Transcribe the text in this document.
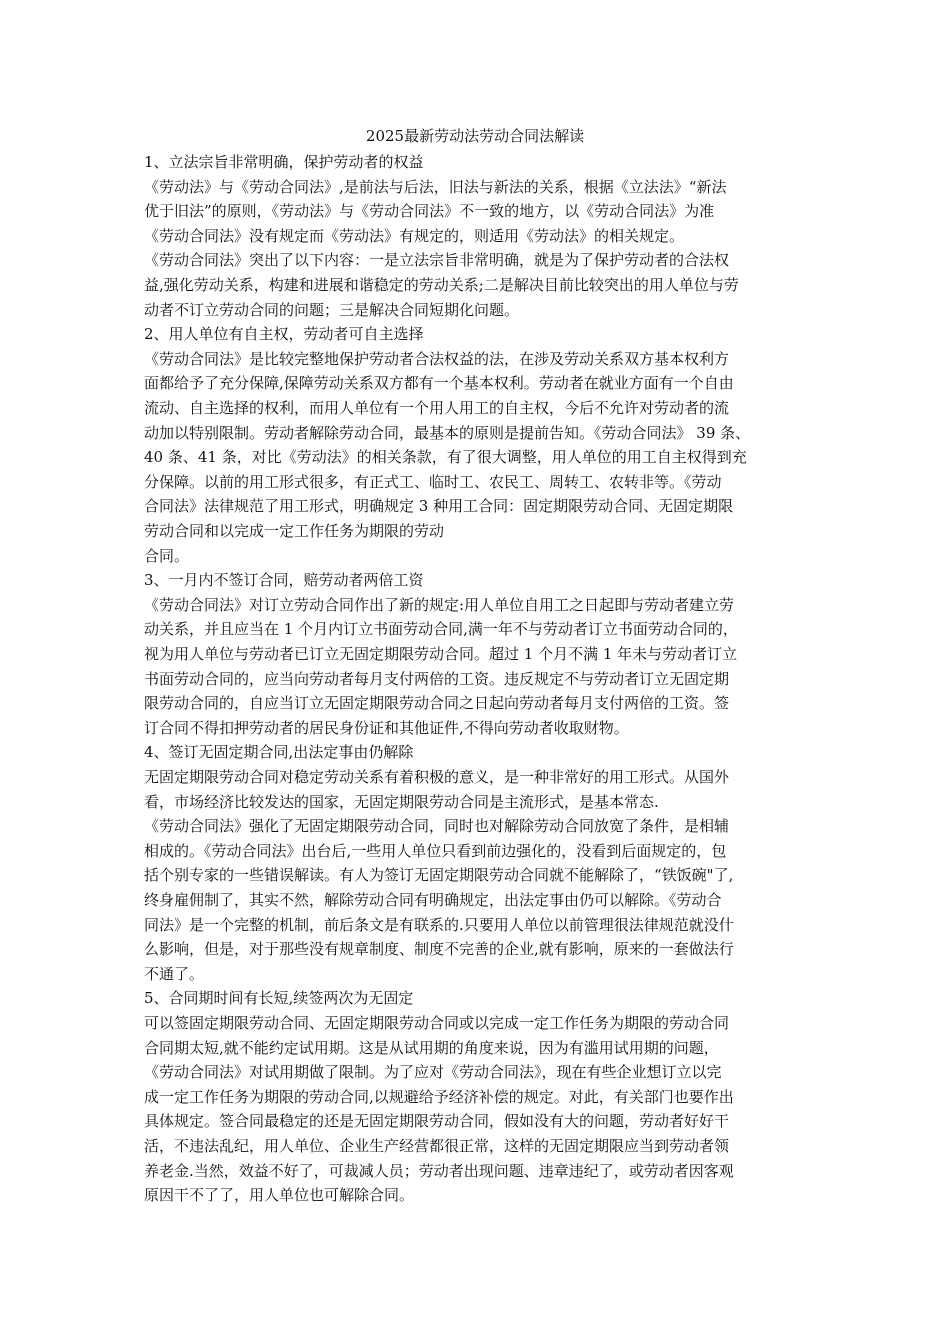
2025最新劳动法劳动合同法解读
1、立法宗旨非常明确，保护劳动者的权益
《劳动法》与《劳动合同法》,是前法与后法，旧法与新法的关系，根据《立法法》“新法
优于旧法”的原则，《劳动法》与《劳动合同法》不一致的地方，以《劳动合同法》为准
《劳动合同法》没有规定而《劳动法》有规定的，则适用《劳动法》的相关规定。
《劳动合同法》突出了以下内容：一是立法宗旨非常明确，就是为了保护劳动者的合法权
益,强化劳动关系，构建和进展和谐稳定的劳动关系;二是解决目前比较突出的用人单位与劳
动者不订立劳动合同的问题；三是解决合同短期化问题。
2、用人单位有自主权，劳动者可自主选择
《劳动合同法》是比较完整地保护劳动者合法权益的法，在涉及劳动关系双方基本权利方
面都给予了充分保障,保障劳动关系双方都有一个基本权利。劳动者在就业方面有一个自由
流动、自主选择的权利，而用人单位有一个用人用工的自主权，今后不允许对劳动者的流
动加以特别限制。劳动者解除劳动合同，最基本的原则是提前告知。《劳动合同法》 39 条、
40 条、41 条，对比《劳动法》的相关条款，有了很大调整，用人单位的用工自主权得到充
分保障。以前的用工形式很多，有正式工、临时工、农民工、周转工、农转非等。《劳动
合同法》法律规范了用工形式，明确规定 3 种用工合同：固定期限劳动合同、无固定期限
劳动合同和以完成一定工作任务为期限的劳动
合同。
3、一月内不签订合同，赔劳动者两倍工资
《劳动合同法》对订立劳动合同作出了新的规定:用人单位自用工之日起即与劳动者建立劳
动关系，并且应当在 1 个月内订立书面劳动合同,满一年不与劳动者订立书面劳动合同的，
视为用人单位与劳动者已订立无固定期限劳动合同。超过 1 个月不满 1 年未与劳动者订立
书面劳动合同的，应当向劳动者每月支付两倍的工资。违反规定不与劳动者订立无固定期
限劳动合同的，自应当订立无固定期限劳动合同之日起向劳动者每月支付两倍的工资。签
订合同不得扣押劳动者的居民身份证和其他证件,不得向劳动者收取财物。
4、签订无固定期合同,出法定事由仍解除
无固定期限劳动合同对稳定劳动关系有着积极的意义，是一种非常好的用工形式。从国外
看，市场经济比较发达的国家，无固定期限劳动合同是主流形式，是基本常态.
《劳动合同法》强化了无固定期限劳动合同，同时也对解除劳动合同放宽了条件，是相辅
相成的。《劳动合同法》出台后,一些用人单位只看到前边强化的，没看到后面规定的，包
括个别专家的一些错误解读。有人为签订无固定期限劳动合同就不能解除了，“铁饭碗"了,
终身雇佣制了，其实不然，解除劳动合同有明确规定，出法定事由仍可以解除。《劳动合
同法》是一个完整的机制，前后条文是有联系的.只要用人单位以前管理很法律规范就没什
么影响，但是，对于那些没有规章制度、制度不完善的企业,就有影响，原来的一套做法行
不通了。
5、合同期时间有长短,续签两次为无固定
可以签固定期限劳动合同、无固定期限劳动合同或以完成一定工作任务为期限的劳动合同
合同期太短,就不能约定试用期。这是从试用期的角度来说，因为有滥用试用期的问题，
《劳动合同法》对试用期做了限制。为了应对《劳动合同法》，现在有些企业想订立以完
成一定工作任务为期限的劳动合同,以规避给予经济补偿的规定。对此，有关部门也要作出
具体规定。签合同最稳定的还是无固定期限劳动合同，假如没有大的问题，劳动者好好干
活，不违法乱纪，用人单位、企业生产经营都很正常，这样的无固定期限应当到劳动者领
养老金.当然，效益不好了，可裁减人员；劳动者出现问题、违章违纪了，或劳动者因客观
原因干不了了，用人单位也可解除合同。
